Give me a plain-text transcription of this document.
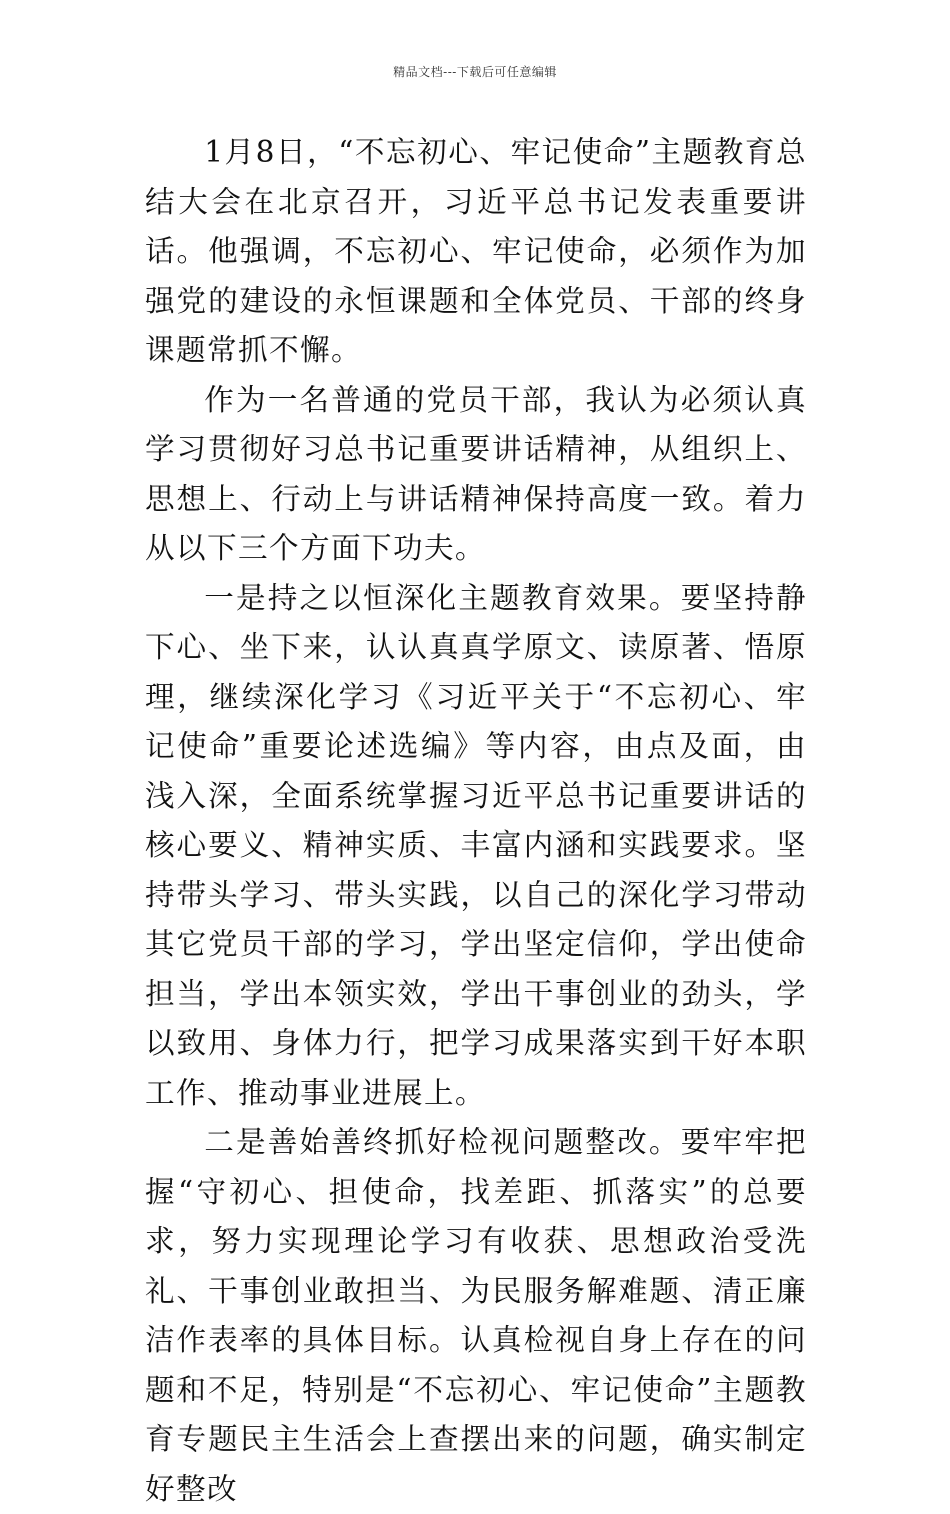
精品文档---下载后可任意编辑

1月8日，“不忘初心、牢记使命”主题教育总结大会在北京召开，习近平总书记发表重要讲话。他强调，不忘初心、牢记使命，必须作为加强党的建设的永恒课题和全体党员、干部的终身课题常抓不懈。

作为一名普通的党员干部，我认为必须认真学习贯彻好习总书记重要讲话精神，从组织上、思想上、行动上与讲话精神保持高度一致。着力从以下三个方面下功夫。

一是持之以恒深化主题教育效果。要坚持静下心、坐下来，认认真真学原文、读原著、悟原理，继续深化学习《习近平关于“不忘初心、牢记使命”重要论述选编》等内容，由点及面，由浅入深，全面系统掌握习近平总书记重要讲话的核心要义、精神实质、丰富内涵和实践要求。坚持带头学习、带头实践，以自己的深化学习带动其它党员干部的学习，学出坚定信仰，学出使命担当，学出本领实效，学出干事创业的劲头，学以致用、身体力行，把学习成果落实到干好本职工作、推动事业进展上。

二是善始善终抓好检视问题整改。要牢牢把握“守初心、担使命，找差距、抓落实”的总要求，努力实现理论学习有收获、思想政治受洗礼、干事创业敢担当、为民服务解难题、清正廉洁作表率的具体目标。认真检视自身上存在的问题和不足，特别是“不忘初心、牢记使命”主题教育专题民主生活会上查摆出来的问题，确实制定好整改
